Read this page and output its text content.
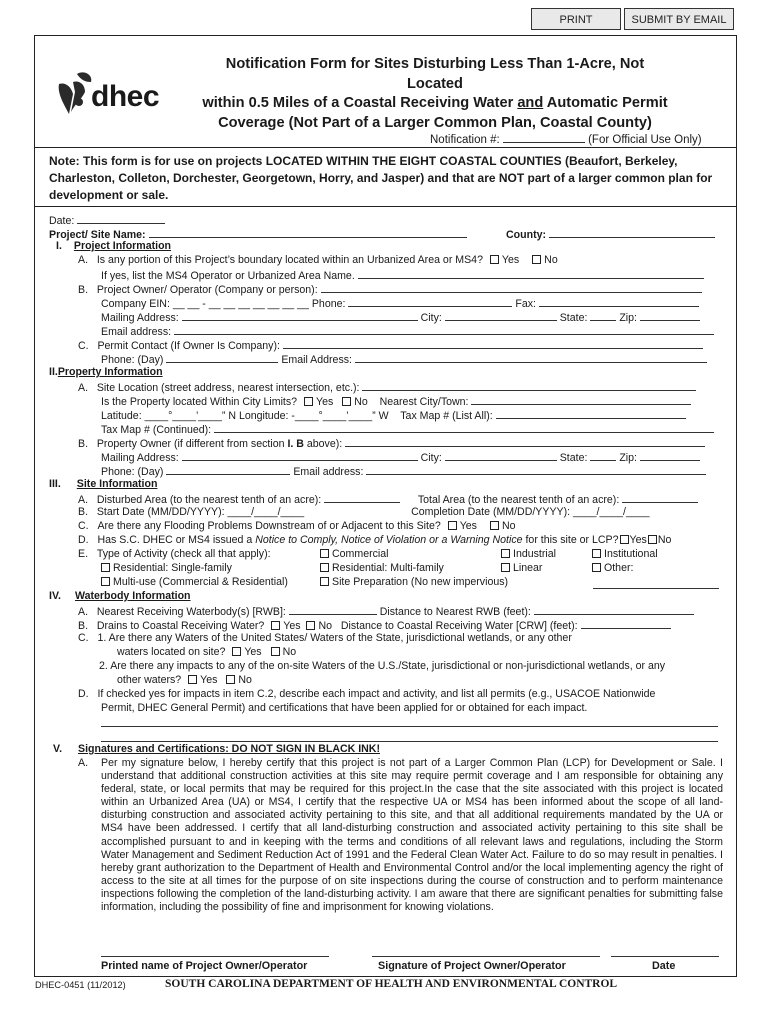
PRINT	SUBMIT BY EMAIL
dhec
Notification Form for Sites Disturbing Less Than 1-Acre, Not Located
within 0.5 Miles of a Coastal Receiving Water and Automatic Permit
Coverage (Not Part of a Larger Common Plan, Coastal County)
Notification #:	(For Official Use Only)
Note: This form is for use on projects LOCATED WITHIN THE EIGHT COASTAL COUNTIES (Beaufort, Berkeley, Charleston, Colleton, Dorchester, Georgetown, Horry, and Jasper) and that are NOT part of a larger common plan for development or sale.
Date:
Project/ Site Name:	County:
I. Project Information
A. Is any portion of this Project’s boundary located within an Urbanized Area or MS4? Yes No
If yes, list the MS4 Operator or Urbanized Area Name.
B. Project Owner/ Operator (Company or person):
Company EIN: __ __ - __ __ __ __ __ __ __ Phone:	Fax:
Mailing Address:	City:	State:	Zip:
Email address:
C. Permit Contact (If Owner Is Company):
Phone: (Day)	Email Address:
II.Property Information
A. Site Location (street address, nearest intersection, etc.):
Is the Property located Within City Limits? Yes No Nearest City/Town:
Latitude: ____°____’____” N Longitude: -____°____’____” W Tax Map # (List All):
Tax Map # (Continued):
B. Property Owner (if different from section I. B above):
Mailing Address:	City:	State:	Zip:
Phone: (Day)	Email address:
III. Site Information
A. Disturbed Area (to the nearest tenth of an acre):	Total Area (to the nearest tenth of an acre):
B. Start Date (MM/DD/YYYY): ____/____/____	Completion Date (MM/DD/YYYY): ____/____/____
C. Are there any Flooding Problems Downstream of or Adjacent to this Site? Yes No
D. Has S.C. DHEC or MS4 issued a Notice to Comply, Notice of Violation or a Warning Notice for this site or LCP? Yes No
E. Type of Activity (check all that apply):	Commercial	Industrial	Institutional
Residential: Single-family	Residential: Multi-family	Linear	Other:
Multi-use (Commercial & Residential)	Site Preparation (No new impervious)
IV. Waterbody Information
A. Nearest Receiving Waterbody(s) [RWB]:	Distance to Nearest RWB (feet):
B. Drains to Coastal Receiving Water? Yes No Distance to Coastal Receiving Water [CRW] (feet):
C. 1. Are there any Waters of the United States/ Waters of the State, jurisdictional wetlands, or any other
waters located on site? Yes No
2. Are there any impacts to any of the on-site Waters of the U.S./State, jurisdictional or non-jurisdictional wetlands, or any
other waters? Yes No
D. If checked yes for impacts in item C.2, describe each impact and activity, and list all permits (e.g., USACOE Nationwide
Permit, DHEC General Permit) and certifications that have been applied for or obtained for each impact.
V. Signatures and Certifications: DO NOT SIGN IN BLACK INK!
A. Per my signature below, I hereby certify that this project is not part of a Larger Common Plan (LCP) for Development or Sale. I understand that additional construction activities at this site may require permit coverage and I am responsible for obtaining any federal, state, or local permits that may be required for this project.In the case that the site associated with this project is located within an Urbanized Area (UA) or MS4, I certify that the respective UA or MS4 has been informed about the scope of all land-disturbing construction and associated activity pertaining to this site, and that all additional requirements mandated by the UA or MS4 have been addressed. I certify that all land-disturbing construction and associated activity pertaining to this site shall be accomplished pursuant to and in keeping with the terms and conditions of all relevant laws and regulations, including the Storm Water Management and Sediment Reduction Act of 1991 and the Federal Clean Water Act. Failure to do so may result in penalties. I hereby grant authorization to the Department of Health and Environmental Control and/or the local implementing agency the right of access to the site at all times for the purpose of on site inspections during the course of construction and to perform maintenance inspections following the completion of the land-disturbing activity. I am aware that there are significant penalties for submitting false information, including the possibility of fine and imprisonment for knowing violations.
Printed name of Project Owner/Operator	Signature of Project Owner/Operator	Date
DHEC-0451 (11/2012)	SOUTH CAROLINA DEPARTMENT OF HEALTH AND ENVIRONMENTAL CONTROL
